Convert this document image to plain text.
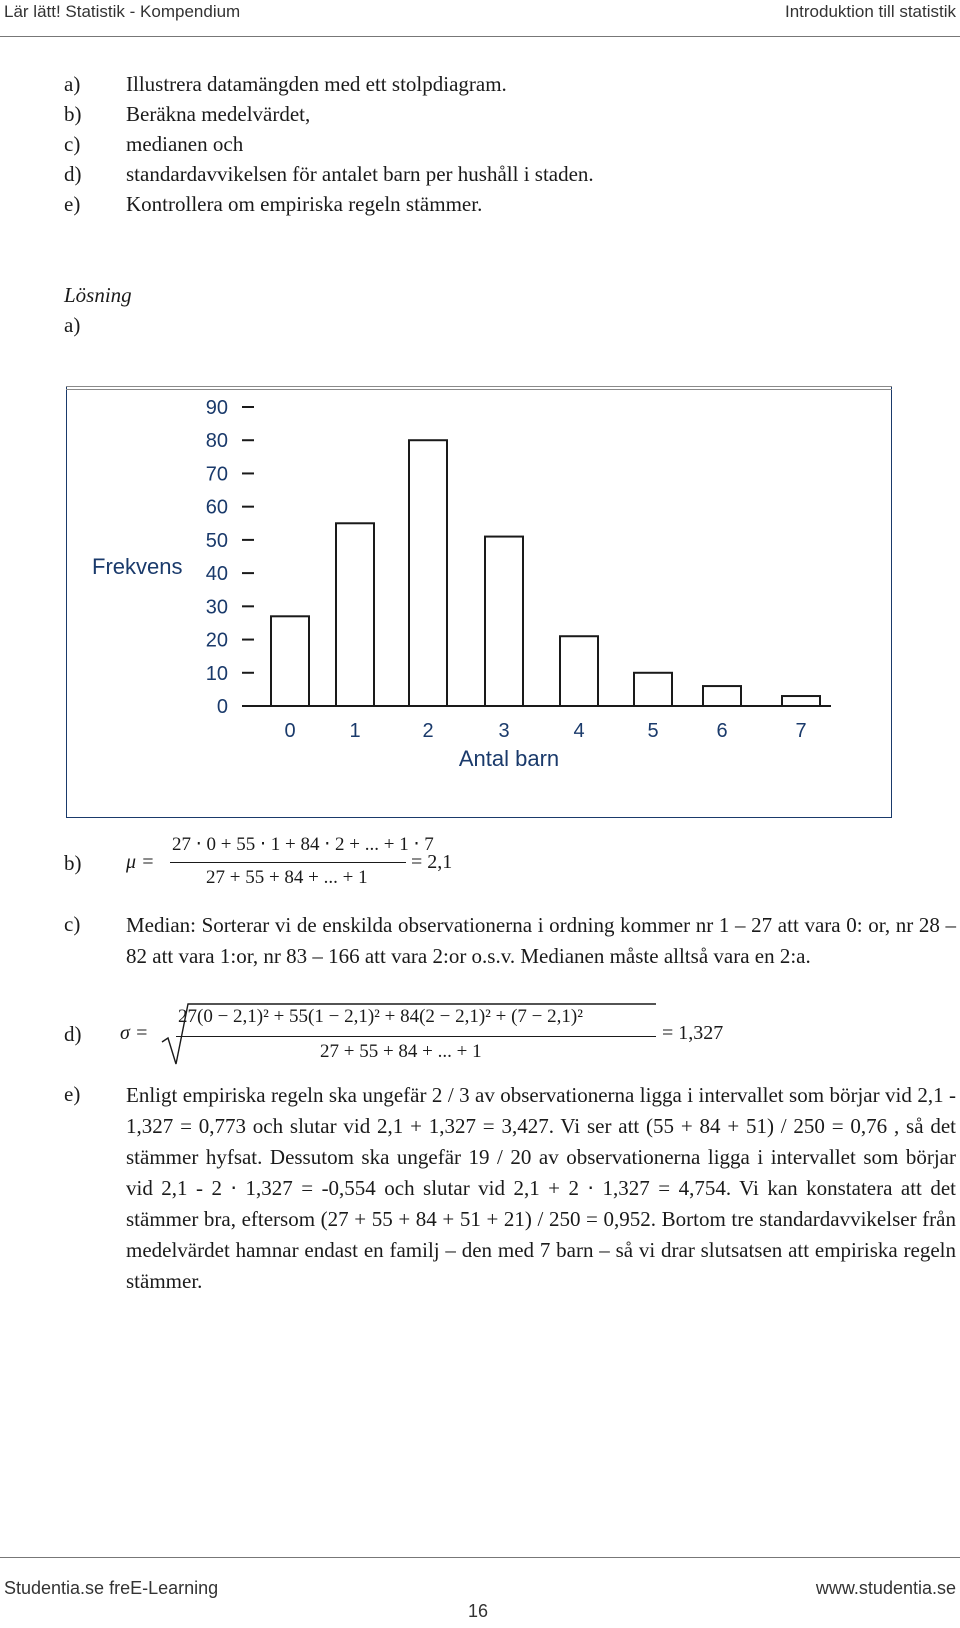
Lär lätt! Statistik - Kompendium	Introduktion till statistik
a) Illustrera datamängden med ett stolpdiagram.
b) Beräkna medelvärdet,
c) medianen och
d) standardavvikelsen för antalet barn per hushåll i staden.
e) Kontrollera om empiriska regeln stämmer.
Lösning
a)
0
10
20
30
40
50
60
70
80
90
0	1	2	3	4	5	6	7
Frekvens
Antal barn
b) μ =
27 ⋅ 0 + 55 ⋅ 1 + 84 ⋅ 2 + ... + 1 ⋅ 7
27 + 55 + 84 + ... + 1
= 2,1
c) Median: Sorterar vi de enskilda observationerna i ordning kommer nr 1 – 27 att vara 0: or, nr 28 – 82 att vara 1:or, nr 83 – 166 att vara 2:or o.s.v. Medianen måste alltså vara en 2:a.
d) σ =
27(0 − 2,1)² + 55(1 − 2,1)² + 84(2 − 2,1)² + (7 − 2,1)²
27 + 55 + 84 + ... + 1
= 1,327
e) Enligt empiriska regeln ska ungefär 2 / 3 av observationerna ligga i intervallet som börjar vid 2,1 - 1,327 = 0,773 och slutar vid 2,1 + 1,327 = 3,427. Vi ser att (55 + 84 + 51) / 250 = 0,76 , så det stämmer hyfsat. Dessutom ska ungefär 19 / 20 av observationerna ligga i intervallet som börjar vid 2,1 - 2 ⋅ 1,327 = -0,554 och slutar vid 2,1 + 2 ⋅ 1,327 = 4,754. Vi kan konstatera att det stämmer bra, eftersom (27 + 55 + 84 + 51 + 21) / 250 = 0,952. Bortom tre standardavvikelser från medelvärdet hamnar endast en familj – den med 7 barn – så vi drar slutsatsen att empiriska regeln stämmer.
Studentia.se freE-Learning	www.studentia.se
16
